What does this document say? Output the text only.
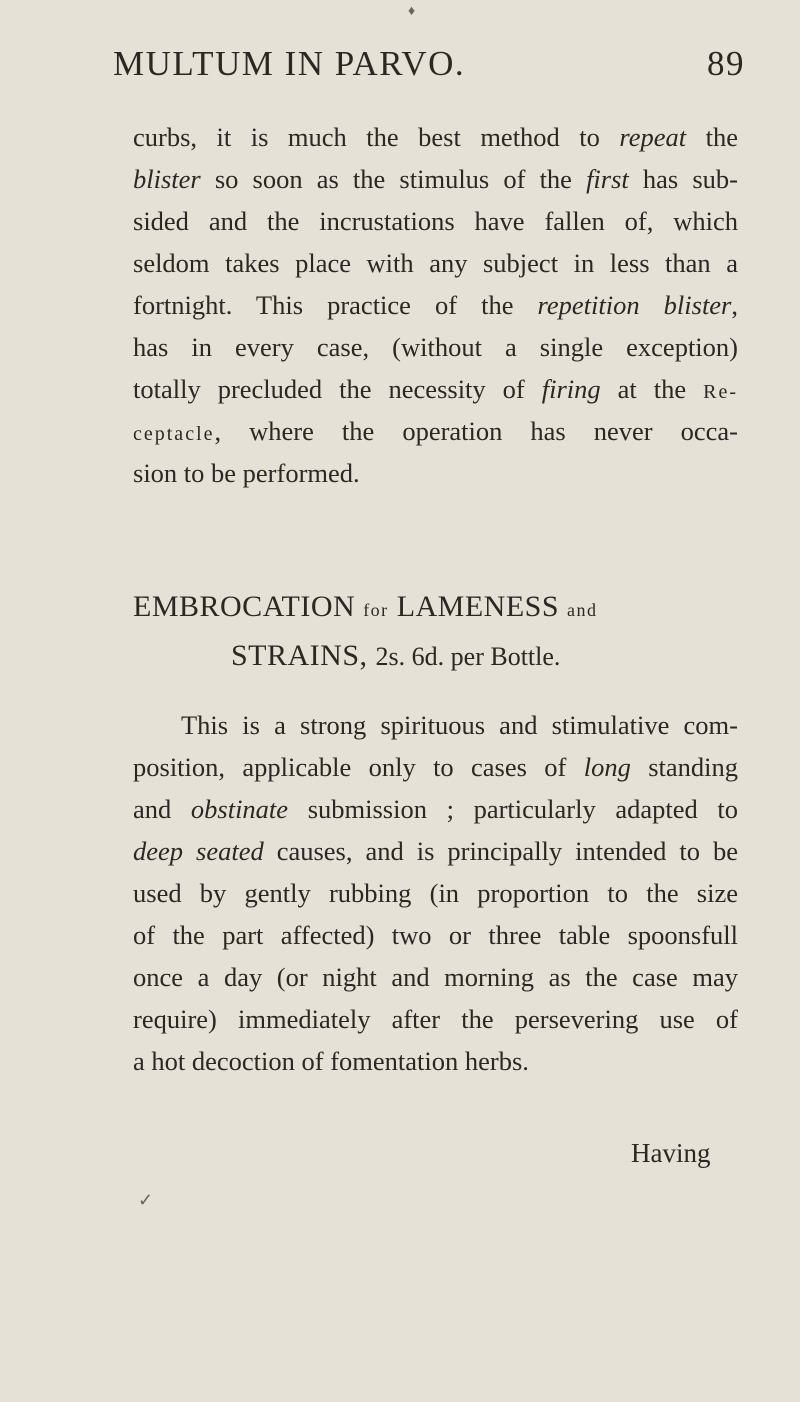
♦
MULTUM IN PARVO.	89
curbs, it is much the best method to repeat the
blister so soon as the stimulus of the first has sub-
sided and the incrustations have fallen of, which
seldom takes place with any subject in less than a
fortnight. This practice of the repetition blister,
has in every case, (without a single exception)
totally precluded the necessity of firing at the Re-
ceptacle, where the operation has never occa-
sion to be performed.
EMBROCATION for LAMENESS and
STRAINS, 2s. 6d. per Bottle.
This is a strong spirituous and stimulative com-
position, applicable only to cases of long standing
and obstinate submission ; particularly adapted to
deep seated causes, and is principally intended to be
used by gently rubbing (in proportion to the size
of the part affected) two or three table spoonsfull
once a day (or night and morning as the case may
require) immediately after the persevering use of
a hot decoction of fomentation herbs.
Having
✓
